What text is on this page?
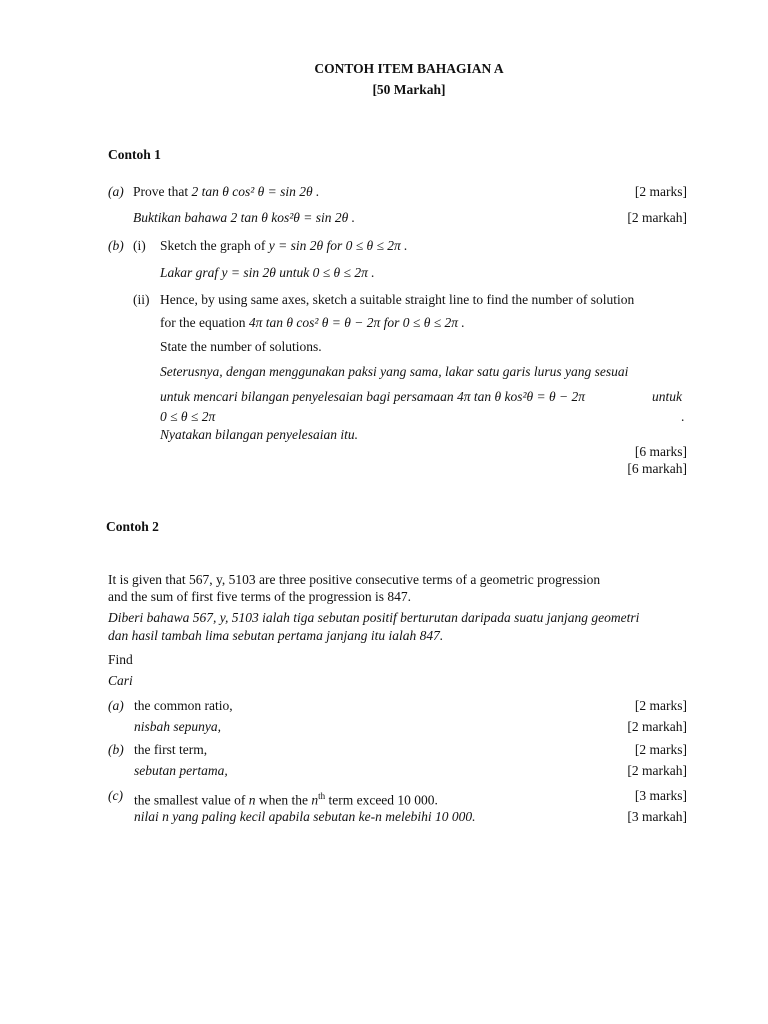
CONTOH ITEM BAHAGIAN A
[50 Markah]
Contoh 1
(a) Prove that 2 tan θ cos² θ = sin 2θ .	[2 marks]
Buktikan bahawa 2 tan θ kos²θ = sin 2θ .	[2 markah]
(b) (i) Sketch the graph of y = sin 2θ for 0 ≤ θ ≤ 2π .
Lakar graf y = sin 2θ untuk 0 ≤ θ ≤ 2π .
(ii) Hence, by using same axes, sketch a suitable straight line to find the number of solution
for the equation 4π tan θ cos² θ = θ − 2π for 0 ≤ θ ≤ 2π .
State the number of solutions.
Seterusnya, dengan menggunakan paksi yang sama, lakar satu garis lurus yang sesuai
untuk mencari bilangan penyelesaian bagi persamaan 4π tan θ kos²θ = θ − 2π	untuk
0 ≤ θ ≤ 2π	.
Nyatakan bilangan penyelesaian itu.
[6 marks]
[6 markah]
Contoh 2
It is given that 567, y, 5103 are three positive consecutive terms of a geometric progression
and the sum of first five terms of the progression is 847.
Diberi bahawa 567, y, 5103 ialah tiga sebutan positif berturutan daripada suatu janjang geometri
dan hasil tambah lima sebutan pertama janjang itu ialah 847.
Find
Cari
(a) the common ratio,	[2 marks]
nisbah sepunya,	[2 markah]
(b) the first term,	[2 marks]
sebutan pertama,	[2 markah]
(c) the smallest value of n when the $n^{th}$ term exceed 10 000.	[3 marks]
nilai n yang paling kecil apabila sebutan ke-n melebihi 10 000.	[3 markah]
